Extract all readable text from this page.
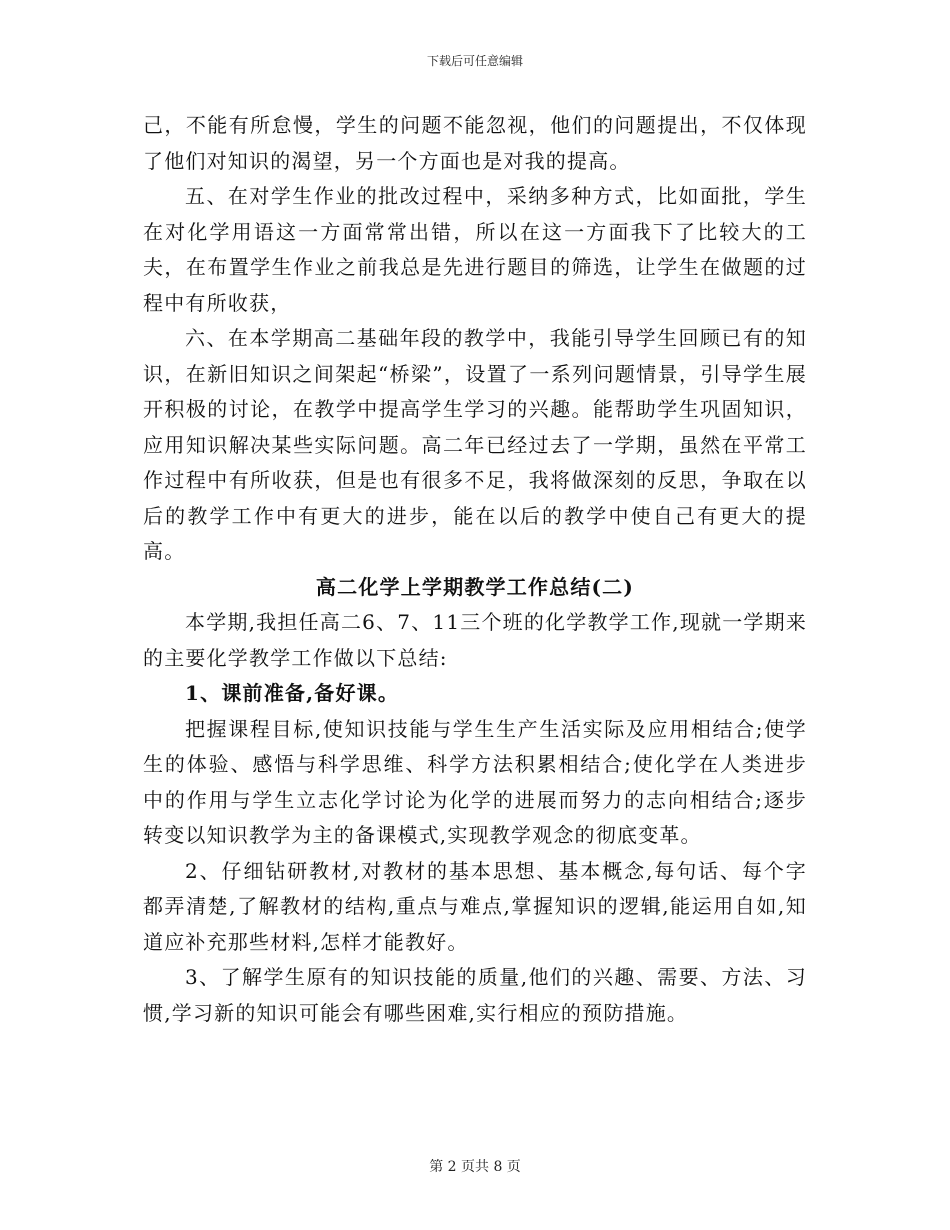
下载后可任意编辑

己，不能有所怠慢，学生的问题不能忽视，他们的问题提出，不仅体现了他们对知识的渴望，另一个方面也是对我的提高。

五、在对学生作业的批改过程中，采纳多种方式，比如面批，学生在对化学用语这一方面常常出错，所以在这一方面我下了比较大的工夫，在布置学生作业之前我总是先进行题目的筛选，让学生在做题的过程中有所收获，

六、在本学期高二基础年段的教学中，我能引导学生回顾已有的知识，在新旧知识之间架起“桥梁”，设置了一系列问题情景，引导学生展开积极的讨论，在教学中提高学生学习的兴趣。能帮助学生巩固知识，应用知识解决某些实际问题。高二年已经过去了一学期，虽然在平常工作过程中有所收获，但是也有很多不足，我将做深刻的反思，争取在以后的教学工作中有更大的进步，能在以后的教学中使自己有更大的提高。

高二化学上学期教学工作总结(二)

本学期,我担任高二6、7、11三个班的化学教学工作,现就一学期来的主要化学教学工作做以下总结:

1、课前准备,备好课。

把握课程目标,使知识技能与学生生产生活实际及应用相结合;使学生的体验、感悟与科学思维、科学方法积累相结合;使化学在人类进步中的作用与学生立志化学讨论为化学的进展而努力的志向相结合;逐步转变以知识教学为主的备课模式,实现教学观念的彻底变革。

2、仔细钻研教材,对教材的基本思想、基本概念,每句话、每个字都弄清楚,了解教材的结构,重点与难点,掌握知识的逻辑,能运用自如,知道应补充那些材料,怎样才能教好。

3、了解学生原有的知识技能的质量,他们的兴趣、需要、方法、习惯,学习新的知识可能会有哪些困难,实行相应的预防措施。

第 2 页共 8 页
